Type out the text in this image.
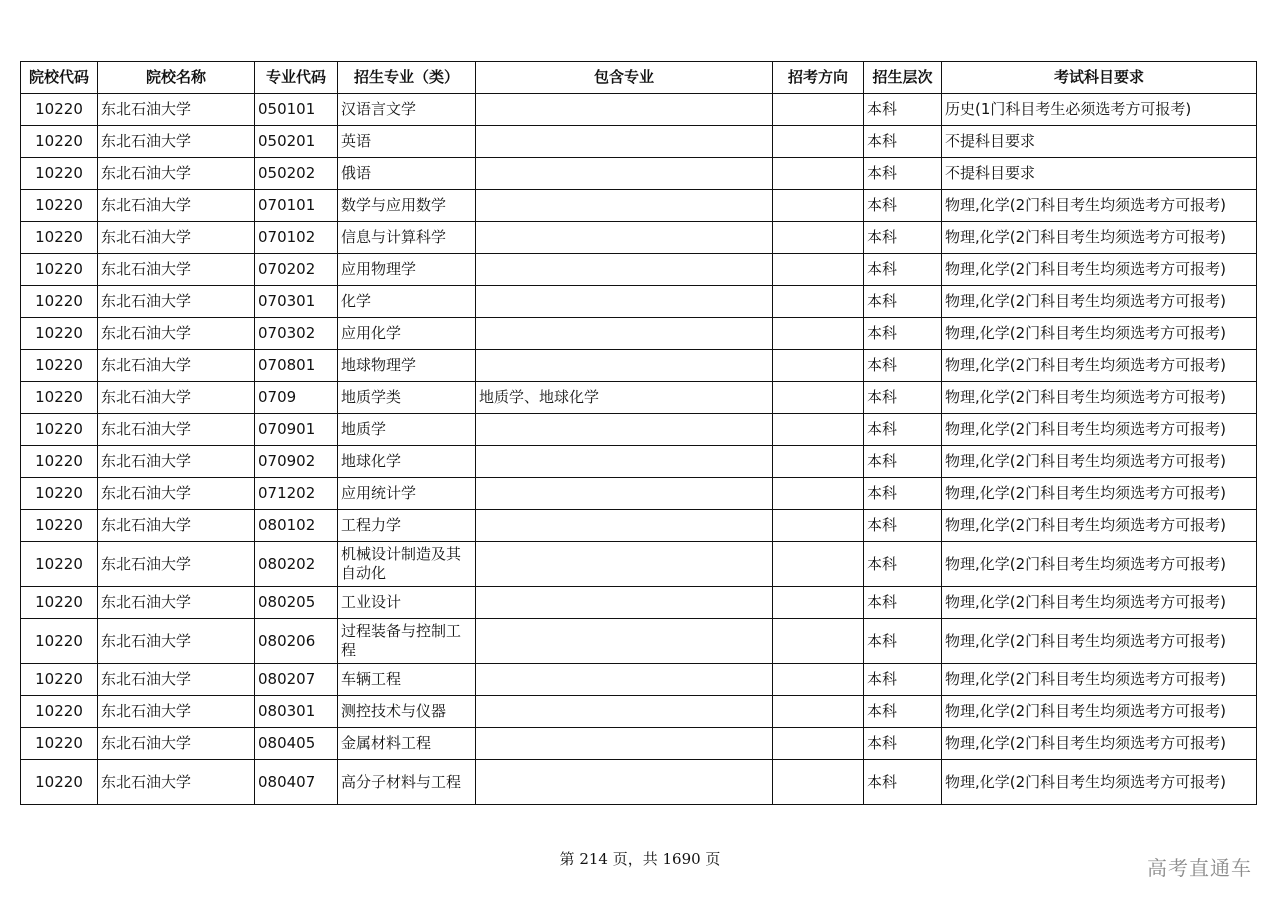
院校代码	院校名称	专业代码	招生专业（类）	包含专业	招考方向	招生层次	考试科目要求
10220	东北石油大学	050101	汉语言文学			本科	历史(1门科目考生必须选考方可报考)
10220	东北石油大学	050201	英语			本科	不提科目要求
10220	东北石油大学	050202	俄语			本科	不提科目要求
10220	东北石油大学	070101	数学与应用数学			本科	物理,化学(2门科目考生均须选考方可报考)
10220	东北石油大学	070102	信息与计算科学			本科	物理,化学(2门科目考生均须选考方可报考)
10220	东北石油大学	070202	应用物理学			本科	物理,化学(2门科目考生均须选考方可报考)
10220	东北石油大学	070301	化学			本科	物理,化学(2门科目考生均须选考方可报考)
10220	东北石油大学	070302	应用化学			本科	物理,化学(2门科目考生均须选考方可报考)
10220	东北石油大学	070801	地球物理学			本科	物理,化学(2门科目考生均须选考方可报考)
10220	东北石油大学	0709	地质学类	地质学、地球化学		本科	物理,化学(2门科目考生均须选考方可报考)
10220	东北石油大学	070901	地质学			本科	物理,化学(2门科目考生均须选考方可报考)
10220	东北石油大学	070902	地球化学			本科	物理,化学(2门科目考生均须选考方可报考)
10220	东北石油大学	071202	应用统计学			本科	物理,化学(2门科目考生均须选考方可报考)
10220	东北石油大学	080102	工程力学			本科	物理,化学(2门科目考生均须选考方可报考)
10220	东北石油大学	080202	机械设计制造及其自动化			本科	物理,化学(2门科目考生均须选考方可报考)
10220	东北石油大学	080205	工业设计			本科	物理,化学(2门科目考生均须选考方可报考)
10220	东北石油大学	080206	过程装备与控制工程			本科	物理,化学(2门科目考生均须选考方可报考)
10220	东北石油大学	080207	车辆工程			本科	物理,化学(2门科目考生均须选考方可报考)
10220	东北石油大学	080301	测控技术与仪器			本科	物理,化学(2门科目考生均须选考方可报考)
10220	东北石油大学	080405	金属材料工程			本科	物理,化学(2门科目考生均须选考方可报考)
10220	东北石油大学	080407	高分子材料与工程			本科	物理,化学(2门科目考生均须选考方可报考)
第 214 页，共 1690 页	高考直通车
